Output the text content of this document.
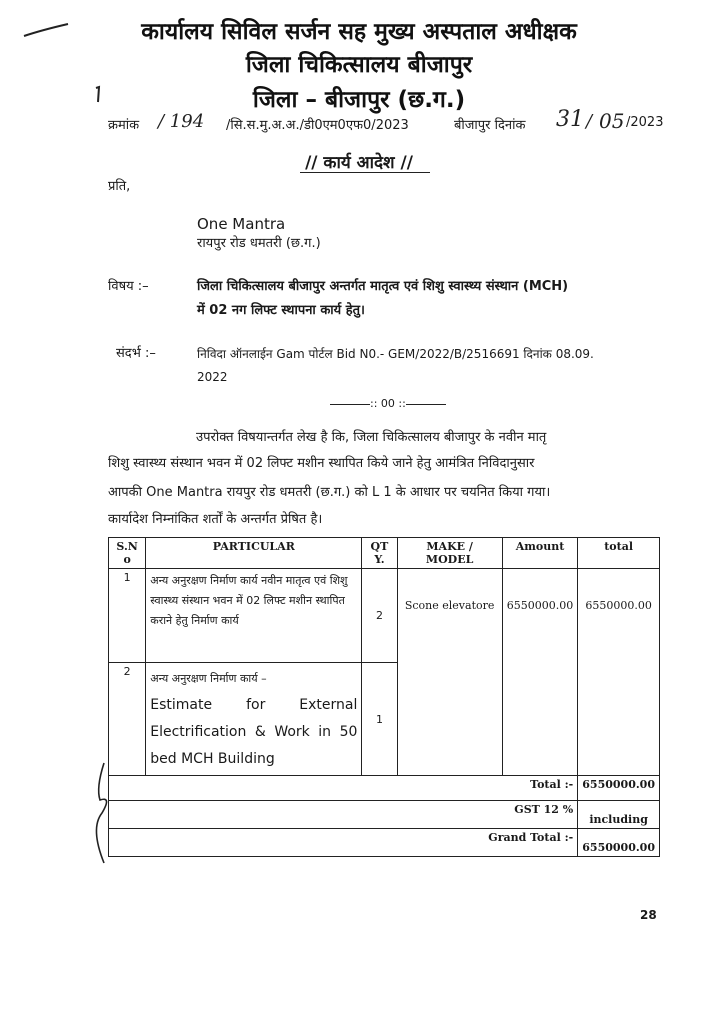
कार्यालय सिविल सर्जन सह मुख्य अस्पताल अधीक्षक
जिला चिकित्सालय बीजापुर
जिला – बीजापुर (छ.ग.)
क्रमांक / 194 /सि.स.मु.अ.अ./डी0एम0एफ0/2023	बीजापुर दिनांक 31 / 05 /2023
// कार्य आदेश //
प्रति,
One Mantra
रायपुर रोड धमतरी (छ.ग.)
विषय :–	जिला चिकित्सालय बीजापुर अन्तर्गत मातृत्व एवं शिशु स्वास्थ्य संस्थान (MCH)
में 02 नग लिफ्ट स्थापना कार्य हेतु।
संदर्भ :–	निविदा ऑनलाईन Gam पोर्टल Bid N0.- GEM/2022/B/2516691 दिनांक 08.09.
2022
:: 00 ::
उपरोक्त विषयान्तर्गत लेख है कि, जिला चिकित्सालय बीजापुर के नवीन मातृ
शिशु स्वास्थ्य संस्थान भवन में 02 लिफ्ट मशीन स्थापित किये जाने हेतु आमंत्रित निविदानुसार
आपकी One Mantra रायपुर रोड धमतरी (छ.ग.) को L 1 के आधार पर चयनित किया गया।
कार्यादेश निम्नांकित शर्तों के अन्तर्गत प्रेषित है।
S.N o	PARTICULAR	QT Y.	MAKE / MODEL	Amount	total
1	अन्य अनुरक्षण निर्माण कार्य नवीन मातृत्व एवं शिशु स्वास्थ्य संस्थान भवन में 02 लिफ्ट मशीन स्थापित कराने हेतु निर्माण कार्य	2	Scone elevatore	6550000.00	6550000.00
2	अन्य अनुरक्षण निर्माण कार्य –
Estimate for External Electrification & Work in 50 bed MCH Building	1			
Total :-					6550000.00
GST 12 %					including
Grand Total :-					6550000.00
28
